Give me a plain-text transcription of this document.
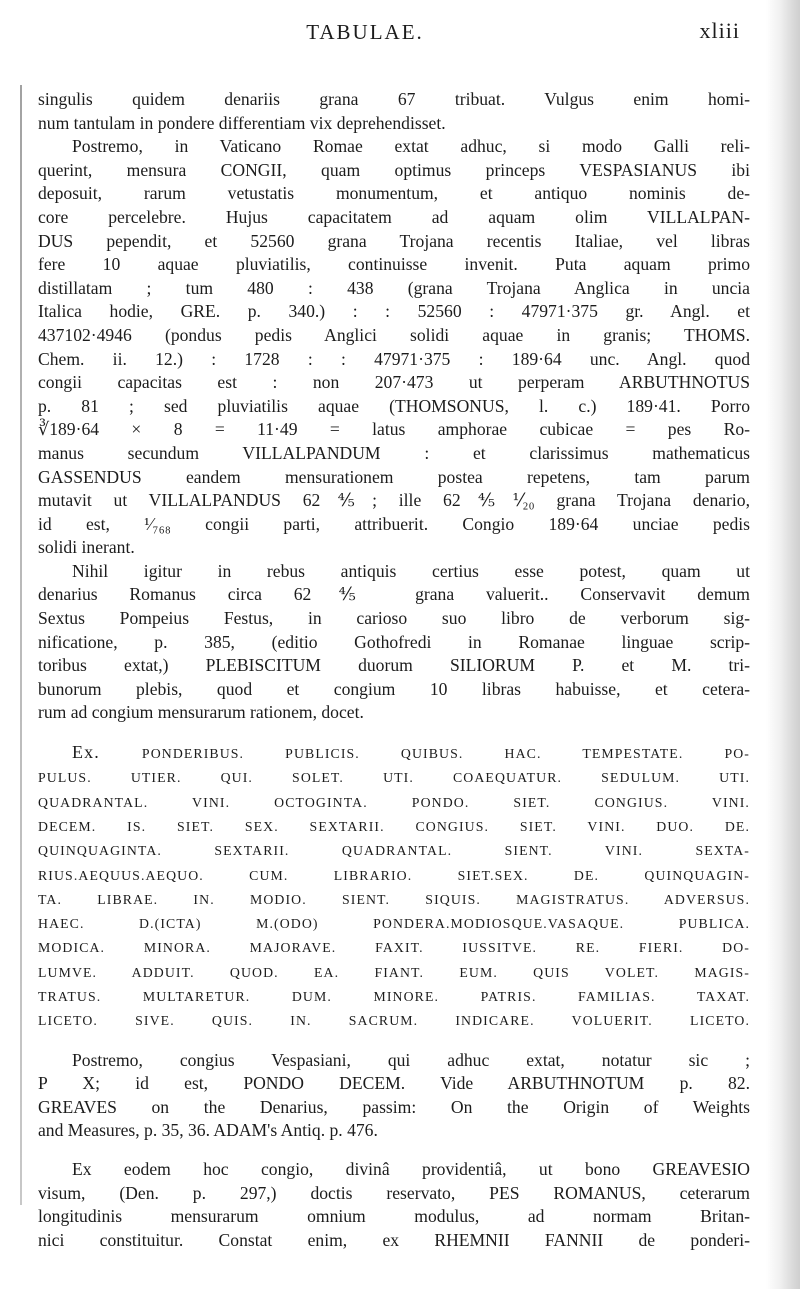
TABULAE.	xliii
singulis quidem denariis grana 67 tribuat. Vulgus enim homi-
num tantulam in pondere differentiam vix deprehendisset.
Postremo, in Vaticano Romae extat adhuc, si modo Galli reli-
querint, mensura CONGII, quam optimus princeps VESPASIANUS ibi
deposuit, rarum vetustatis monumentum, et antiquo nominis de-
core percelebre. Hujus capacitatem ad aquam olim VILLALPAN-
DUS pependit, et 52560 grana Trojana recentis Italiae, vel libras
fere 10 aquae pluviatilis, continuisse invenit. Puta aquam primo
distillatam ; tum 480 : 438 (grana Trojana Anglica in uncia
Italica hodie, GRE. p. 340.) : : 52560 : 47971·375 gr. Angl. et
437102·4946 (pondus pedis Anglici solidi aquae in granis; THOMS.
Chem. ii. 12.) : 1728 : : 47971·375 : 189·64 unc. Angl. quod
congii capacitas est : non 207·473 ut perperam ARBUTHNOTUS
p. 81 ; sed pluviatilis aquae (THOMSONUS, l. c.) 189·41. Porro
∛189·64 × 8 = 11·49 = latus amphorae cubicae = pes Ro-
manus secundum VILLALPANDUM : et clarissimus mathematicus
GASSENDUS eandem mensurationem postea repetens, tam parum
mutavit ut VILLALPANDUS 62⅘; ille 62⅘⅟₂₀ grana Trojana denario,
id est, ¹⁄₇₆₈ congii parti, attribuerit. Congio 189·64 unciae pedis
solidi inerant.
Nihil igitur in rebus antiquis certius esse potest, quam ut
denarius Romanus circa 62⅘ grana valuerit.. Conservavit demum
Sextus Pompeius Festus, in carioso suo libro de verborum sig-
nificatione, p. 385, (editio Gothofredi in Romanae linguae scrip-
toribus extat,) PLEBISCITUM duorum SILIORUM P. et M. tri-
bunorum plebis, quod et congium 10 libras habuisse, et cetera-
rum ad congium mensurarum rationem, docet.
Ex. PONDERIBUS. PUBLICIS. QUIBUS. HAC. TEMPESTATE. PO-
PULUS. UTIER. QUI. SOLET. UTI. COAEQUATUR. SEDULUM. UTI.
QUADRANTAL. VINI. OCTOGINTA. PONDO. SIET. CONGIUS. VINI.
DECEM. IS. SIET. SEX. SEXTARII. CONGIUS. SIET. VINI. DUO. DE.
QUINQUAGINTA. SEXTARII. QUADRANTAL. SIENT. VINI. SEXTA-
RIUS.AEQUUS.AEQUO. CUM. LIBRARIO. SIET.SEX. DE. QUINQUAGIN-
TA. LIBRAE. IN. MODIO. SIENT. SIQUIS. MAGISTRATUS. ADVERSUS.
HAEC. D.(ICTA) M.(ODO) PONDERA.MODIOSQUE.VASAQUE. PUBLICA.
MODICA. MINORA. MAJORAVE. FAXIT. IUSSITVE. RE. FIERI. DO-
LUMVE. ADDUIT. QUOD. EA. FIANT. EUM. QUIS VOLET. MAGIS-
TRATUS. MULTARETUR. DUM. MINORE. PATRIS. FAMILIAS. TAXAT.
LICETO. SIVE. QUIS. IN. SACRUM. INDICARE. VOLUERIT. LICETO.
Postremo, congius Vespasiani, qui adhuc extat, notatur sic ;
P X; id est, PONDO DECEM. Vide ARBUTHNOTUM p. 82.
GREAVES on the Denarius, passim: On the Origin of Weights
and Measures, p. 35, 36. ADAM's Antiq. p. 476.
Ex eodem hoc congio, divinâ providentiâ, ut bono GREAVESIO
visum, (Den. p. 297,) doctis reservato, PES ROMANUS, ceterarum
longitudinis mensurarum omnium modulus, ad normam Britan-
nici constituitur. Constat enim, ex RHEMNII FANNII de ponderi-
